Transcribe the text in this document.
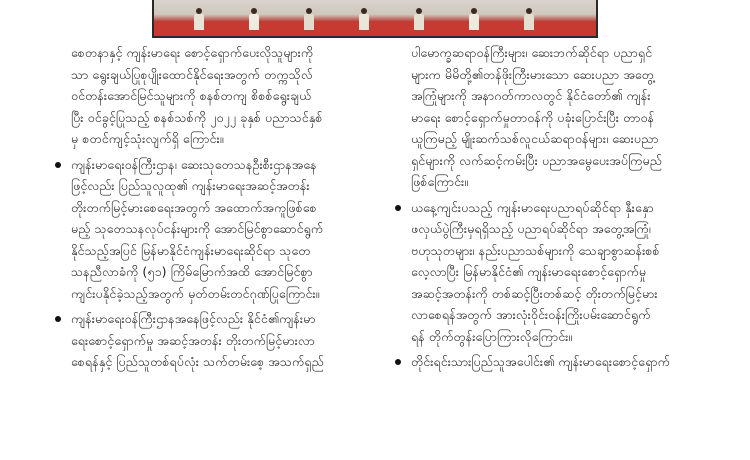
စေတနာနှင့် ကျန်းမာရေး စောင့်ရှောက်ပေးလိုသူများကို
သာ ရွေးချယ်ပြုစုပျိုးထောင်နိုင်ရေးအတွက် တက္ကသိုလ်
ဝင်တန်းအောင်မြင်သူများကို စနစ်တကျ စိစစ်ရွေးချယ်
ပြီး ဝင်ခွင့်ပြုသည့် စနစ်သစ်ကို ၂၀၂၂ ခုနှစ် ပညာသင်နှစ်
မှ စတင်ကျင့်သုံးလျက်ရှိ ကြောင်း။
ကျန်းမာရေးဝန်ကြီးဌာန၊ ဆေးသုတေသနဦးစီးဌာနအနေ
ဖြင့်လည်း ပြည်သူလူထု၏ ကျန်းမာရေးအဆင့်အတန်း
တိုးတက်မြင့်မားစေရေးအတွက် အထောက်အကူဖြစ်စေ
မည့် သုတေသနလုပ်ငန်းများကို အောင်မြင်စွာဆောင်ရွက်
နိုင်သည့်အပြင် မြန်မာနိုင်ငံကျန်းမာရေးဆိုင်ရာ သုတေ
သနညီလာခံကို (၅၁) ကြိမ်မြောက်အထိ အောင်မြင်စွာ
ကျင်းပနိုင်ခဲ့သည့်အတွက် မှတ်တမ်းတင်ဂုဏ်ပြုကြောင်း။
ကျန်းမာရေးဝန်ကြီးဌာနအနေဖြင့်လည်း နိုင်ငံ၏ကျန်းမာ
ရေးစောင့်ရှောက်မှု အဆင့်အတန်း တိုးတက်မြင့်မားလာ
စေရန်နှင့် ပြည်သူတစ်ရပ်လုံး သက်တမ်းစေ့ အသက်ရှည်
ပါမောက္ခဆရာဝန်ကြီးများ၊ ဆေးဘက်ဆိုင်ရာ ပညာရှင်
များက မိမိတို့၏တန်ဖိုးကြီးမားသော ဆေးပညာ အတွေ့
အကြုံများကို အနာဂတ်ကာလတွင် နိုင်ငံတော်၏ ကျန်း
မာရေး စောင့်ရှောက်မှုတာဝန်ကို ပခုံးပြောင်းပြီး တာဝန်
ယူကြမည့် မျိုးဆက်သစ်လူငယ်ဆရာဝန်များ၊ ဆေးပညာ
ရှင်များကို လက်ဆင့်ကမ်းပြီး ပညာအမွေပေးအပ်ကြမည်
ဖြစ်ကြောင်း။
ယနေ့ကျင်းပသည့် ကျန်းမာရေးပညာရပ်ဆိုင်ရာ နှီးနှော
ဖလှယ်ပွဲကြီးမှရရှိသည့် ပညာရပ်ဆိုင်ရာ အတွေ့အကြုံ၊
ဗဟုသုတများ၊ နည်းပညာသစ်များကို သေချာစွာဆန်းစစ်
လေ့လာပြီး မြန်မာနိုင်ငံ၏ ကျန်းမာရေးစောင့်ရှောက်မှု
အဆင့်အတန်းကို တစ်ဆင့်ပြီးတစ်ဆင့် တိုးတက်မြင့်မား
လာစေရန်အတွက် အားလုံးဝိုင်းဝန်းကြိုးပမ်းဆောင်ရွက်
ရန် တိုက်တွန်းပြောကြားလိုကြောင်း။
တိုင်းရင်းသားပြည်သူအပေါင်း၏ ကျန်းမာရေးစောင့်ရှောက်
